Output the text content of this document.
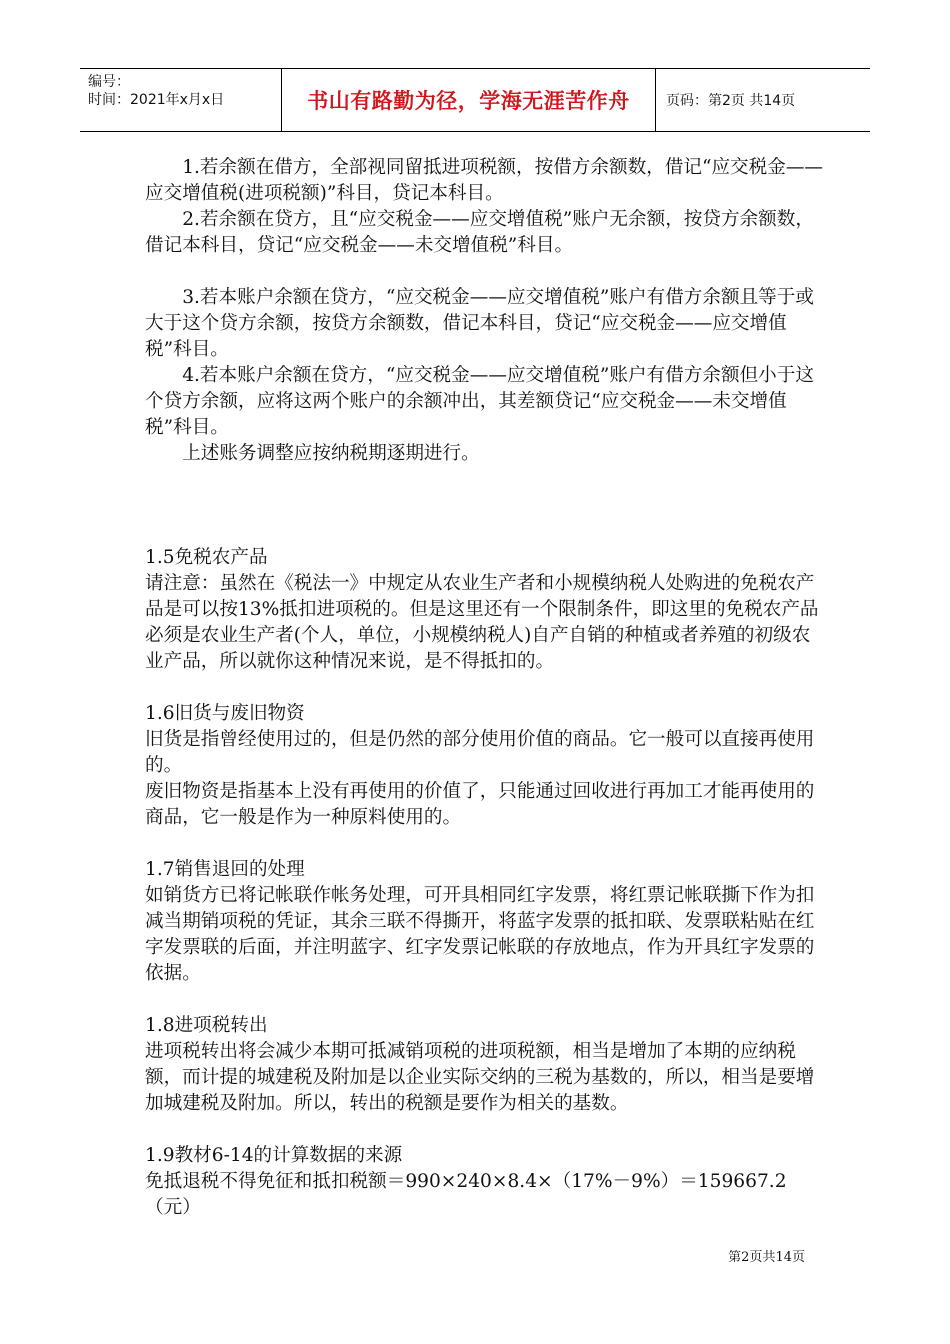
编号：
时间：2021年x月x日	书山有路勤为径，学海无涯苦作舟	页码：第2页 共14页

1.若余额在借方，全部视同留抵进项税额，按借方余额数，借记“应交税金——应交增值税(进项税额)”科目，贷记本科目。

2.若余额在贷方，且“应交税金——应交增值税”账户无余额，按贷方余额数，借记本科目，贷记“应交税金——未交增值税”科目。

3.若本账户余额在贷方，“应交税金——应交增值税”账户有借方余额且等于或大于这个贷方余额，按贷方余额数，借记本科目，贷记“应交税金——应交增值税”科目。

4.若本账户余额在贷方，“应交税金——应交增值税”账户有借方余额但小于这个贷方余额，应将这两个账户的余额冲出，其差额贷记“应交税金——未交增值税”科目。

上述账务调整应按纳税期逐期进行。

1.5免税农产品

请注意：虽然在《税法一》中规定从农业生产者和小规模纳税人处购进的免税农产品是可以按13%抵扣进项税的。但是这里还有一个限制条件，即这里的免税农产品必须是农业生产者(个人，单位，小规模纳税人)自产自销的种植或者养殖的初级农业产品，所以就你这种情况来说，是不得抵扣的。

1.6旧货与废旧物资

旧货是指曾经使用过的，但是仍然的部分使用价值的商品。它一般可以直接再使用的。

废旧物资是指基本上没有再使用的价值了，只能通过回收进行再加工才能再使用的商品，它一般是作为一种原料使用的。

1.7销售退回的处理

如销货方已将记帐联作帐务处理，可开具相同红字发票，将红票记帐联撕下作为扣减当期销项税的凭证，其余三联不得撕开，将蓝字发票的抵扣联、发票联粘贴在红字发票联的后面，并注明蓝字、红字发票记帐联的存放地点，作为开具红字发票的依据。

1.8进项税转出

进项税转出将会减少本期可抵减销项税的进项税额，相当是增加了本期的应纳税额，而计提的城建税及附加是以企业实际交纳的三税为基数的，所以，相当是要增加城建税及附加。所以，转出的税额是要作为相关的基数。

1.9教材6-14的计算数据的来源

免抵退税不得免征和抵扣税额＝990×240×8.4×（17%－9%）＝159667.2（元）

第2页共14页
